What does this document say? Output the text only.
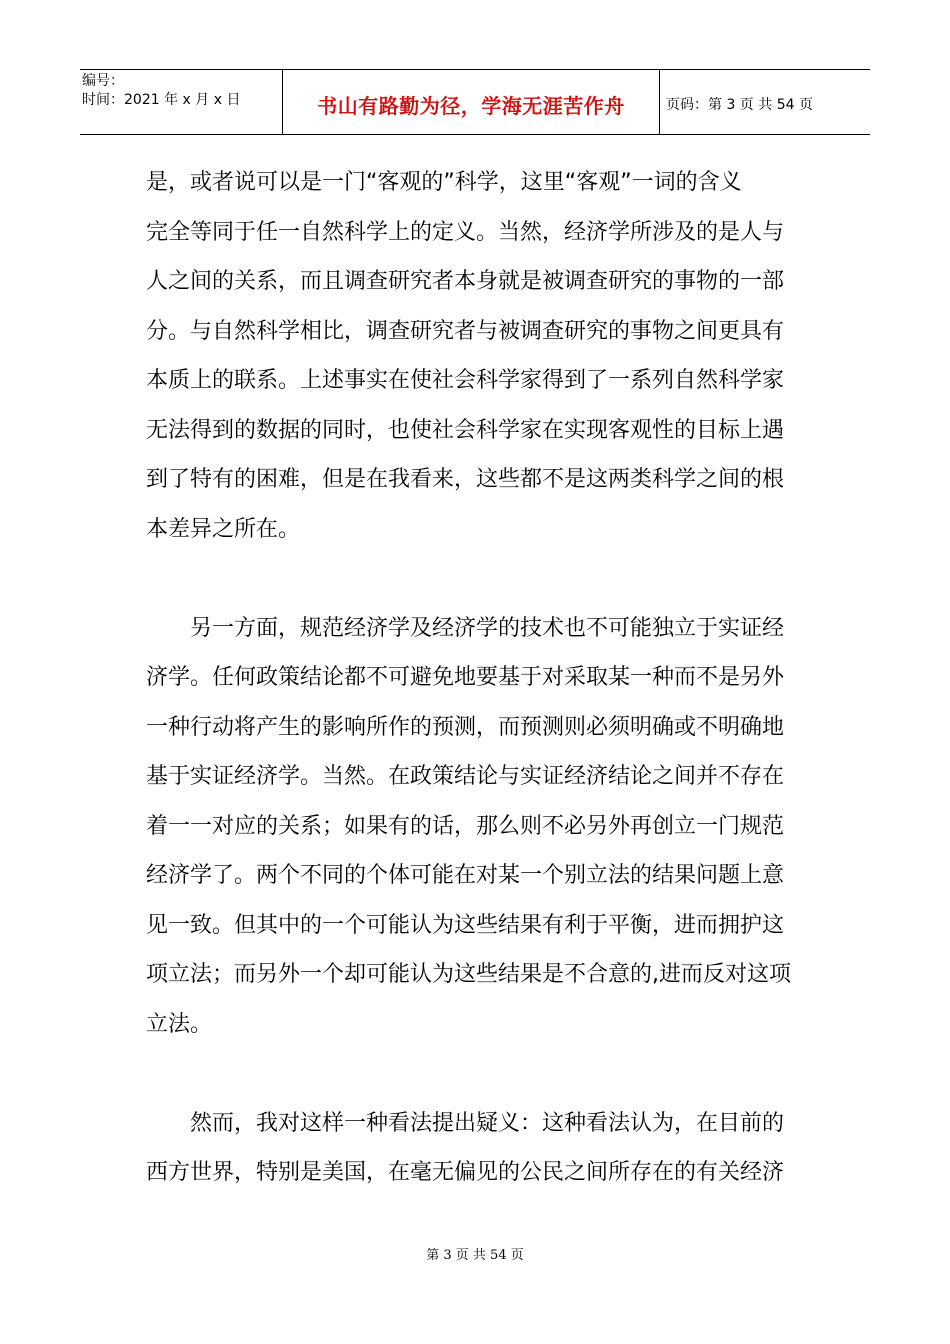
编号：
时间：2021 年 x 月 x 日	书山有路勤为径，学海无涯苦作舟	页码：第 3 页 共 54 页

是，或者说可以是一门“客观的”科学，这里“客观”一词的含义
完全等同于任一自然科学上的定义。当然，经济学所涉及的是人与
人之间的关系，而且调查研究者本身就是被调查研究的事物的一部
分。与自然科学相比，调查研究者与被调查研究的事物之间更具有
本质上的联系。上述事实在使社会科学家得到了一系列自然科学家
无法得到的数据的同时，也使社会科学家在实现客观性的目标上遇
到了特有的困难，但是在我看来，这些都不是这两类科学之间的根
本差异之所在。

另一方面，规范经济学及经济学的技术也不可能独立于实证经
济学。任何政策结论都不可避免地要基于对采取某一种而不是另外
一种行动将产生的影响所作的预测，而预测则必须明确或不明确地
基于实证经济学。当然。在政策结论与实证经济结论之间并不存在
着一一对应的关系；如果有的话，那么则不必另外再创立一门规范
经济学了。两个不同的个体可能在对某一个别立法的结果问题上意
见一致。但其中的一个可能认为这些结果有利于平衡，进而拥护这
项立法；而另外一个却可能认为这些结果是不合意的,进而反对这项
立法。

然而，我对这样一种看法提出疑义：这种看法认为，在目前的
西方世界，特别是美国，在毫无偏见的公民之间所存在的有关经济

第 3 页 共 54 页
